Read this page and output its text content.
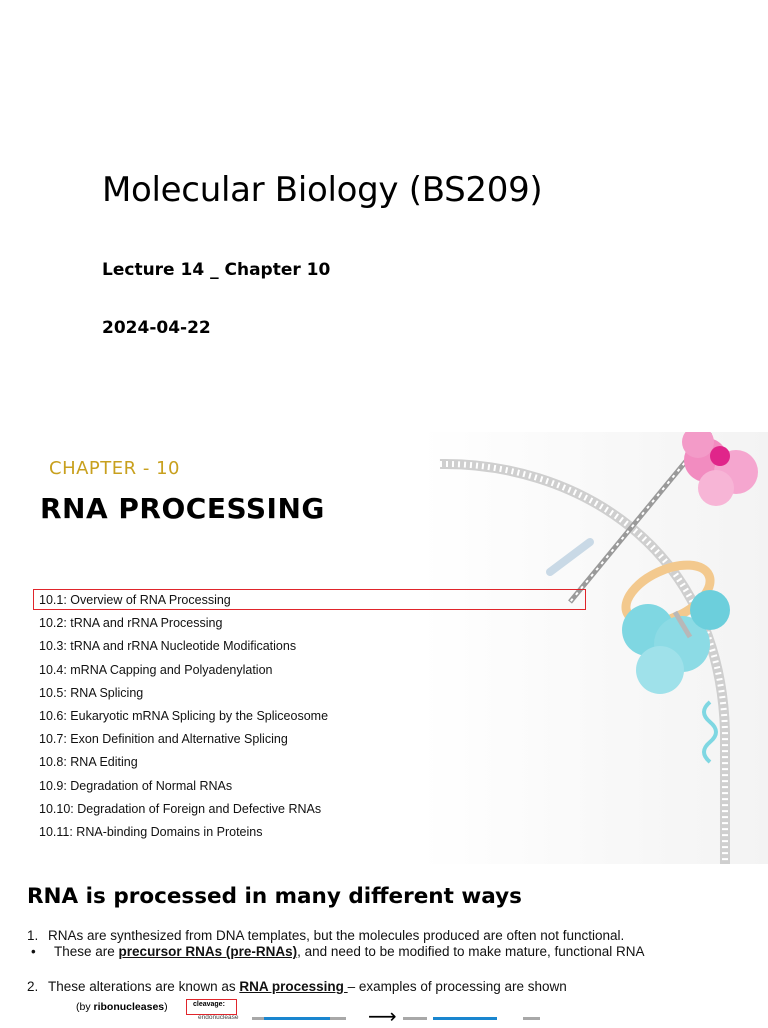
Molecular Biology (BS209)
Lecture 14 _ Chapter 10
2024-04-22
CHAPTER - 10
RNA PROCESSING
10.1: Overview of RNA Processing
10.2: tRNA and rRNA Processing
10.3: tRNA and rRNA Nucleotide Modifications
10.4: mRNA Capping and Polyadenylation
10.5: RNA Splicing
10.6: Eukaryotic mRNA Splicing by the Spliceosome
10.7: Exon Definition and Alternative Splicing
10.8: RNA Editing
10.9: Degradation of Normal RNAs
10.10: Degradation of Foreign and Defective RNAs
10.11: RNA-binding Domains in Proteins
RNA is processed in many different ways
1. RNAs are synthesized from DNA templates, but the molecules produced are often not functional.
• These are precursor RNAs (pre-RNAs), and need to be modified to make mature, functional RNA
2. These alterations are known as RNA processing – examples of processing are shown
(by ribonucleases)	cleavage:
endonuclease	⟶
